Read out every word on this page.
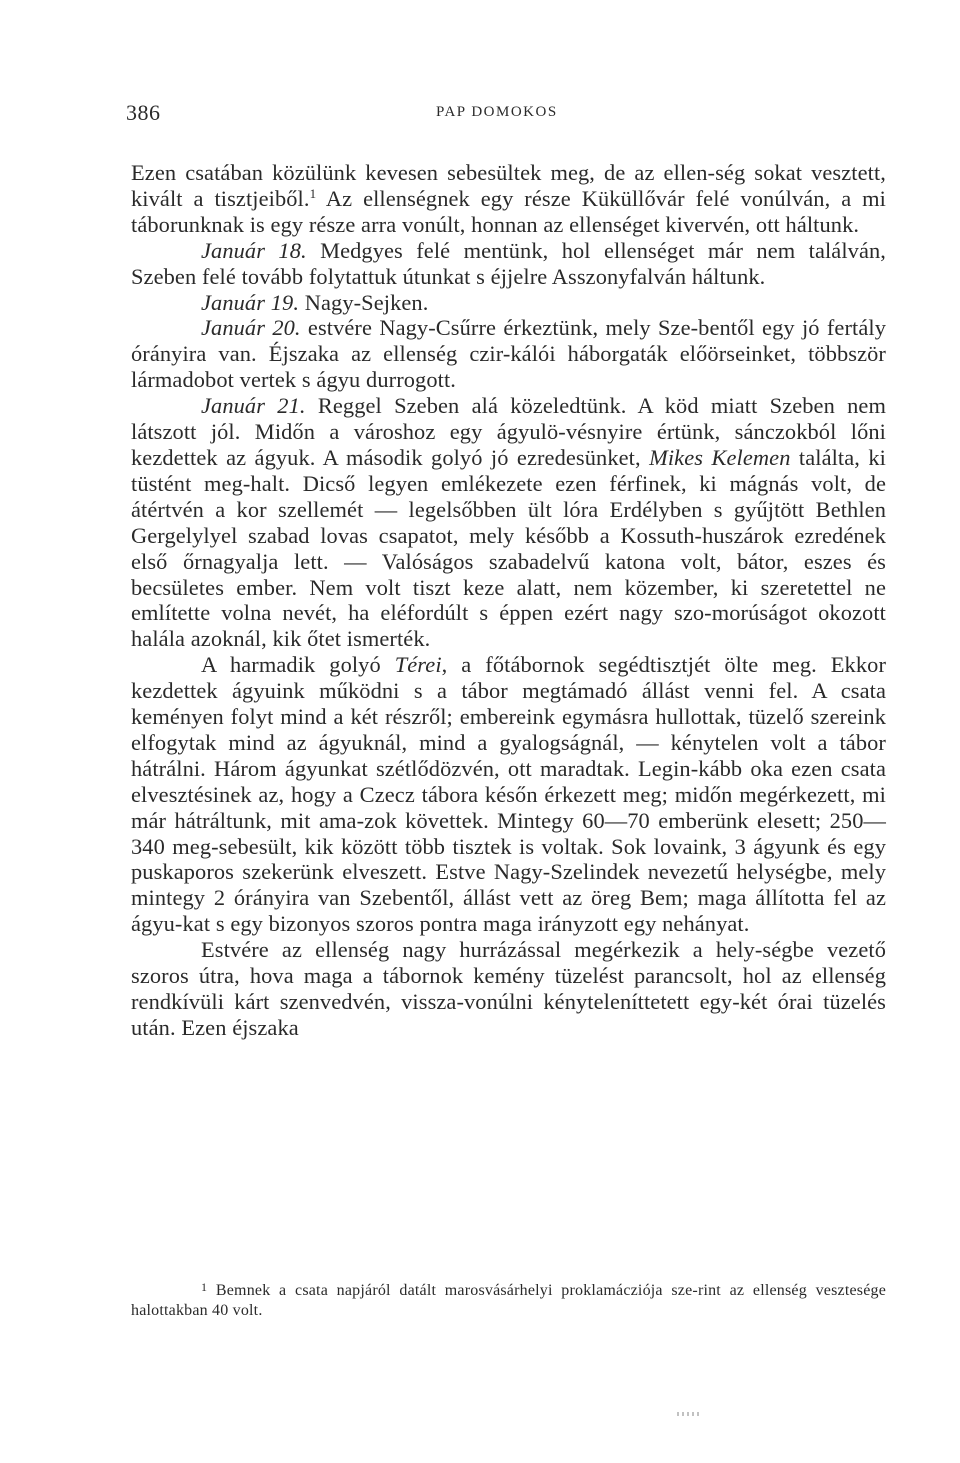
386	PAP DOMOKOS

Ezen csatában közülünk kevesen sebesültek meg, de az ellen-ség sokat vesztett, kivált a tisztjeiből.$^1$ Az ellenségnek egy része Küküllővár felé vonúlván, a mi táborunknak is egy része arra vonúlt, honnan az ellenséget kivervén, ott háltunk.

Január 18. Medgyes felé mentünk, hol ellenséget már nem találván, Szeben felé tovább folytattuk útunkat s éjjelre Asszonyfalván háltunk.

Január 19. Nagy-Sejken.

Január 20. estvére Nagy-Csűrre érkeztünk, mely Sze-bentől egy jó fertály órányira van. Éjszaka az ellenség czir-kálói háborgaták előörseinket, többször lármadobot vertek s ágyu durrogott.

Január 21. Reggel Szeben alá közeledtünk. A köd miatt Szeben nem látszott jól. Midőn a városhoz egy ágyulö-vésnyire értünk, sánczokból lőni kezdettek az ágyuk. A második golyó jó ezredesünket, Mikes Kelemen találta, ki tüstént meg-halt. Dicső legyen emlékezete ezen férfinek, ki mágnás volt, de átértvén a kor szellemét — legelsőbben ült lóra Erdélyben s gyűjtött Bethlen Gergelylyel szabad lovas csapatot, mely később a Kossuth-huszárok ezredének első őrnagyalja lett. — Valóságos szabadelvű katona volt, bátor, eszes és becsületes ember. Nem volt tiszt keze alatt, nem közember, ki szeretettel ne említette volna nevét, ha eléfordúlt s éppen ezért nagy szo-morúságot okozott halála azoknál, kik őtet ismerték.

A harmadik golyó Térei, a főtábornok segédtisztjét ölte meg. Ekkor kezdettek ágyuink működni s a tábor megtámadó állást venni fel. A csata keményen folyt mind a két részről; embereink egymásra hullottak, tüzelő szereink elfogytak mind az ágyuknál, mind a gyalogságnál, — kénytelen volt a tábor hátrálni. Három ágyunkat szétlődözvén, ott maradtak. Legin-kább oka ezen csata elvesztésinek az, hogy a Czecz tábora későn érkezett meg; midőn megérkezett, mi már hátráltunk, mit ama-zok követtek. Mintegy 60—70 emberünk elesett; 250—340 meg-sebesült, kik között több tisztek is voltak. Sok lovaink, 3 ágyunk és egy puskaporos szekerünk elveszett. Estve Nagy-Szelindek nevezetű helységbe, mely mintegy 2 órányira van Szebentől, állást vett az öreg Bem; maga állította fel az ágyu-kat s egy bizonyos szoros pontra maga irányzott egy nehányat.

Estvére az ellenség nagy hurrázással megérkezik a hely-ségbe vezető szoros útra, hova maga a tábornok kemény tüzelést parancsolt, hol az ellenség rendkívüli kárt szenvedvén, vissza-vonúlni kényteleníttetett egy-két órai tüzelés után. Ezen éjszaka

$^1$ Bemnek a csata napjáról datált marosvásárhelyi proklamácziója sze-rint az ellenség vesztesége halottakban 40 volt.
